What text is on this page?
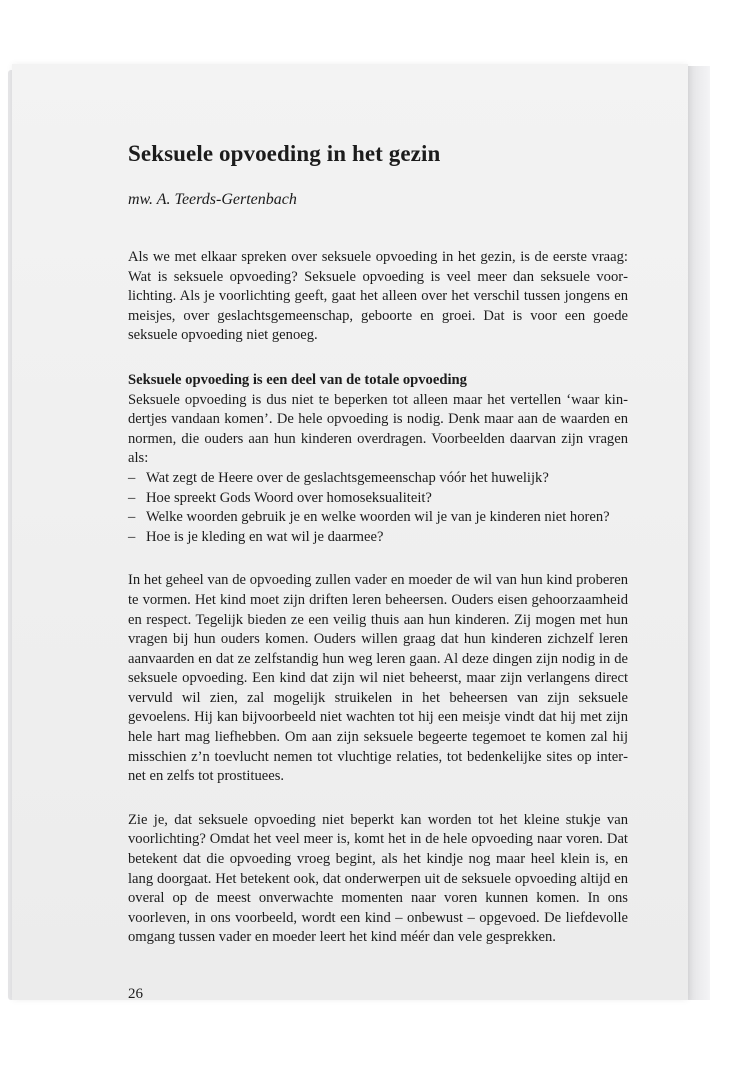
Seksuele opvoeding in het gezin
mw. A. Teerds-Gertenbach

Als we met elkaar spreken over seksuele opvoeding in het gezin, is de eerste vraag: Wat is seksuele opvoeding? Seksuele opvoeding is veel meer dan seksuele voorlichting. Als je voorlichting geeft, gaat het alleen over het verschil tussen jongens en meisjes, over geslachtsgemeenschap, geboorte en groei. Dat is voor een goede seksuele opvoeding niet genoeg.

Seksuele opvoeding is een deel van de totale opvoeding

Seksuele opvoeding is dus niet te beperken tot alleen maar het vertellen ‘waar kindertjes vandaan komen’. De hele opvoeding is nodig. Denk maar aan de waarden en normen, die ouders aan hun kinderen overdragen. Voorbeelden daarvan zijn vragen als:

– Wat zegt de Heere over de geslachtsgemeenschap vóór het huwelijk?
– Hoe spreekt Gods Woord over homoseksualiteit?
– Welke woorden gebruik je en welke woorden wil je van je kinderen niet horen?
– Hoe is je kleding en wat wil je daarmee?

In het geheel van de opvoeding zullen vader en moeder de wil van hun kind proberen te vormen. Het kind moet zijn driften leren beheersen. Ouders eisen gehoorzaamheid en respect. Tegelijk bieden ze een veilig thuis aan hun kinderen. Zij mogen met hun vragen bij hun ouders komen. Ouders willen graag dat hun kinderen zichzelf leren aanvaarden en dat ze zelfstandig hun weg leren gaan. Al deze dingen zijn nodig in de seksuele opvoeding. Een kind dat zijn wil niet beheerst, maar zijn verlangens direct vervuld wil zien, zal mogelijk struikelen in het beheersen van zijn seksuele gevoelens. Hij kan bijvoorbeeld niet wachten tot hij een meisje vindt dat hij met zijn hele hart mag liefhebben. Om aan zijn seksuele begeerte tegemoet te komen zal hij misschien z’n toevlucht nemen tot vluchtige relaties, tot bedenkelijke sites op internet en zelfs tot prostituees.

Zie je, dat seksuele opvoeding niet beperkt kan worden tot het kleine stukje van voorlichting? Omdat het veel meer is, komt het in de hele opvoeding naar voren. Dat betekent dat die opvoeding vroeg begint, als het kindje nog maar heel klein is, en lang doorgaat. Het betekent ook, dat onderwerpen uit de seksuele opvoeding altijd en overal op de meest onverwachte momenten naar voren kunnen komen. In ons voorleven, in ons voorbeeld, wordt een kind – onbewust – opgevoed. De liefdevolle omgang tussen vader en moeder leert het kind méér dan vele gesprekken.

26
